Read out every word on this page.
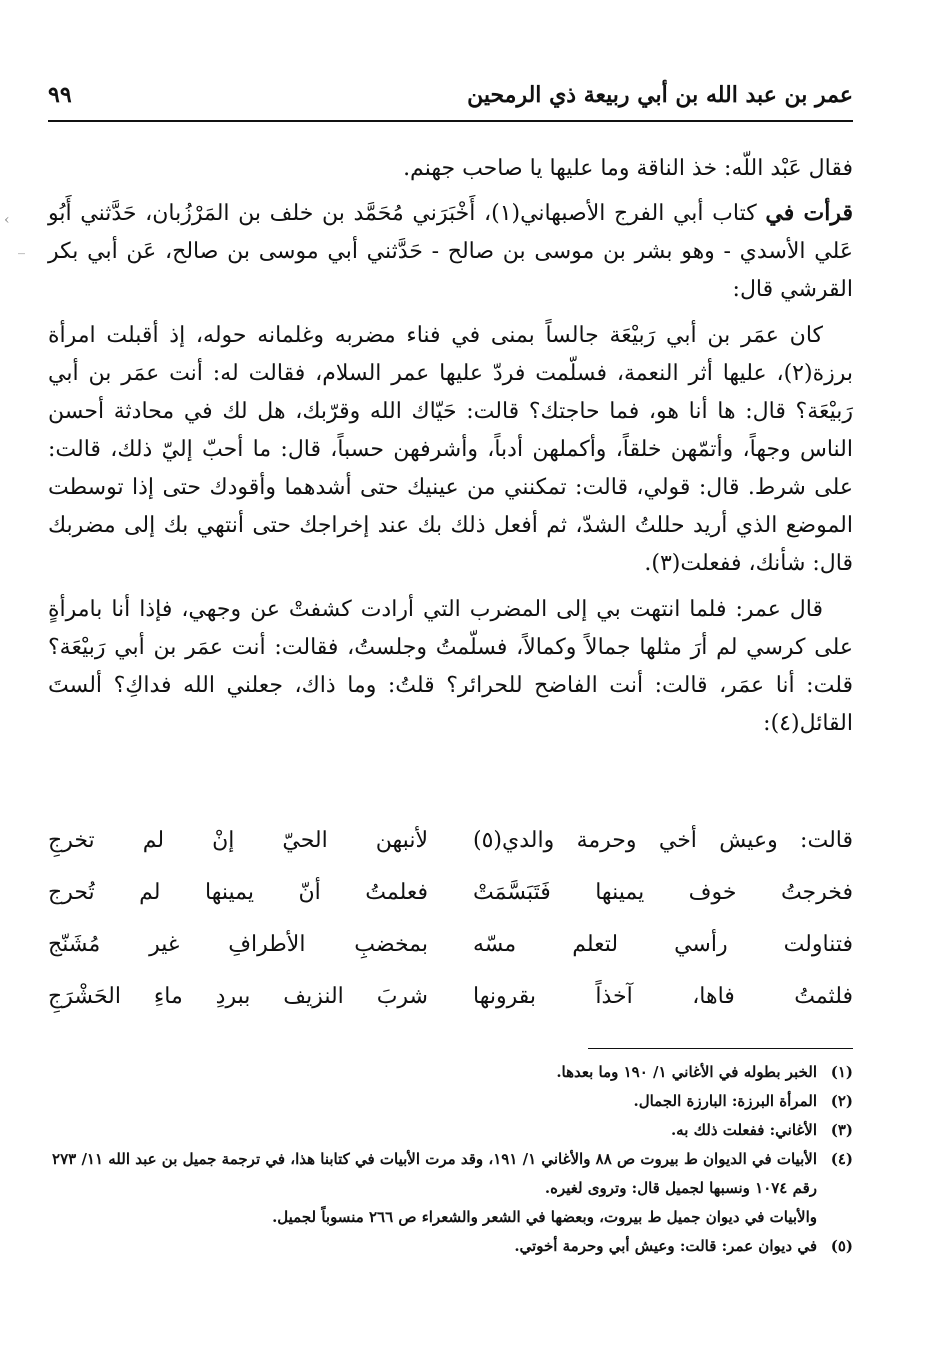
عمر بن عبد الله بن أبي ربيعة ذي الرمحين
٩٩

فقال عَبْد اللّه: خذ الناقة وما عليها يا صاحب جهنم.

قرأت في كتاب أبي الفرج الأصبهاني(١)، أَخْبَرَني مُحَمَّد بن خلف بن المَرْزُبان، حَدَّثني أَبُو عَلي الأسدي - وهو بشر بن موسى بن صالح - حَدَّثني أبي موسى بن صالح، عَن أبي بكر القرشي قال:

كان عمَر بن أبي رَبيْعَة جالساً بمنى في فناء مضربه وغلمانه حوله، إذ أقبلت امرأة برزة(٢)، عليها أثر النعمة، فسلّمت فردّ عليها عمر السلام، فقالت له: أنت عمَر بن أبي رَبيْعَة؟ قال: ها أنا هو، فما حاجتك؟ قالت: حَيّاك الله وقرّبك، هل لك في محادثة أحسن الناس وجهاً، وأتمّهن خلقاً، وأكملهن أدباً، وأشرفهن حسباً، قال: ما أحبّ إليّ ذلك، قالت: على شرط. قال: قولي، قالت: تمكنني من عينيك حتى أشدهما وأقودك حتى إذا توسطت الموضع الذي أريد حللتُ الشدّ، ثم أفعل ذلك بك عند إخراجك حتى أنتهي بك إلى مضربك قال: شأنك، ففعلت(٣).

قال عمر: فلما انتهت بي إلى المضرب التي أرادت كشفتْ عن وجهي، فإذا أنا بامرأةٍ على كرسي لم أرَ مثلها جمالاً وكمالاً، فسلّمتُ وجلستُ، فقالت: أنت عمَر بن أبي رَبيْعَة؟ قلت: أنا عمَر، قالت: أنت الفاضح للحرائر؟ قلتُ: وما ذاك، جعلني الله فداكِ؟ ألستَ القائل(٤):

قالت: وعيش أخي وحرمة والدي(٥)
لأنبهن الحيّ إنْ لم تخرجِ
فخرجتُ خوف يمينها فَتَبَسَّمَتْ
فعلمتُ أنّ يمينها لم تُحرج
فتناولت رأسي لتعلم مسّه
بمخضبِ الأطرافِ غير مُشَنّج
فلثمتُ فاها، آخذاً بقرونها
شربَ النزيف ببردِ ماءِ الحَشْرَجِ
(١)
الخبر بطوله في الأغاني ١/ ١٩٠ وما بعدها.
(٢)
المرأة البرزة: البارزة الجمال.
(٣)
الأغاني: ففعلت ذلك به.
(٤)
الأبيات في الديوان ط بيروت ص ٨٨ والأغاني ١/ ١٩١، وقد مرت الأبيات في كتابنا هذا، في ترجمة جميل بن عبد الله ١١/ ٢٧٣ رقم ١٠٧٤ ونسبها لجميل قال: وتروى لغيره.
والأبيات في ديوان جميل ط بيروت، وبعضها في الشعر والشعراء ص ٢٦٦ منسوباً لجميل.
(٥)
في ديوان عمر: قالت: وعيش أبي وحرمة أخوتي.
‹
‾
